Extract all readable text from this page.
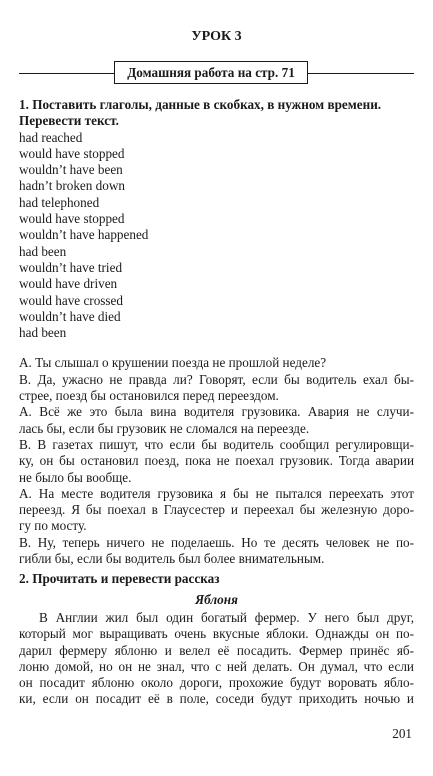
УРОК 3
Домашняя работа на стр. 71

1. Поставить глаголы, данные в скобках, в нужном времени.
Перевести текст.

had reached
would have stopped
wouldn’t have been
hadn’t broken down
had telephoned
would have stopped
wouldn’t have happened
had been
wouldn’t have tried
would have driven
would have crossed
wouldn’t have died
had been

А. Ты слышал о крушении поезда не прошлой неделе?

В. Да, ужасно не правда ли? Говорят, если бы водитель ехал бы-
стрее, поезд бы остановился перед переездом.

А. Всё же это была вина водителя грузовика. Авария не случи-
лась бы, если бы грузовик не сломался на переезде.

В. В газетах пишут, что если бы водитель сообщил регулировщи-
ку, он бы остановил поезд, пока не поехал грузовик. Тогда аварии
не было бы вообще.

А. На месте водителя грузовика я бы не пытался переехать этот
переезд. Я бы поехал в Глаусестер и переехал бы железную доро-
гу по мосту.

В. Ну, теперь ничего не поделаешь. Но те десять человек не по-
гибли бы, если бы водитель был более внимательным.

2. Прочитать и перевести рассказ

Яблоня

В Англии жил был один богатый фермер. У него был друг,
который мог выращивать очень вкусные яблоки. Однажды он по-
дарил фермеру яблоню и велел её посадить. Фермер принёс яб-
лоню домой, но он не знал, что с ней делать. Он думал, что если
он посадит яблоню около дороги, прохожие будут воровать ябло-
ки, если он посадит её в поле, соседи будут приходить ночью и

201
